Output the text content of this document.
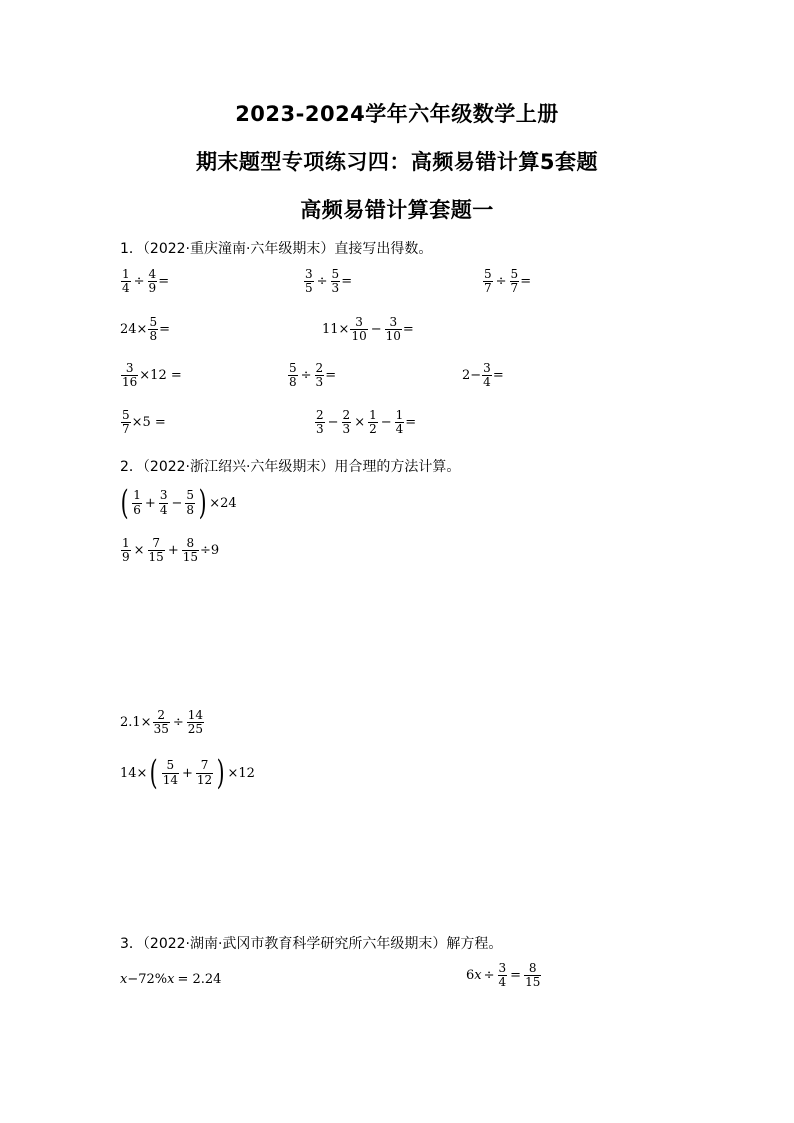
2023-2024学年六年级数学上册
期末题型专项练习四：高频易错计算5套题
高频易错计算套题一
1．（2022·重庆潼南·六年级期末）直接写出得数。
$\frac{1}{4} \div \frac{4}{9}$ =	$\frac{3}{5} \div \frac{5}{3}$ =	$\frac{5}{7} \div \frac{5}{7}$ =
$24\times \frac{5}{8}$ =	$11\times \frac{3}{10} - \frac{3}{10}$ =
$\frac{3}{16} \times 12$ =	$\frac{5}{8} \div \frac{2}{3}$ =	$2- \frac{3}{4}$ =
$\frac{5}{7} \times 5$ =	$\frac{2}{3} - \frac{2}{3} \times \frac{1}{2} - \frac{1}{4}$ =
2．（2022·浙江绍兴·六年级期末）用合理的方法计算。
( $\frac{1}{6} + \frac{3}{4} - \frac{5}{8}$ ) ×24
$\frac{1}{9} \times \frac{7}{15} + \frac{8}{15} \div 9$
$2.1\times \frac{2}{35} \div \frac{14}{25}$
14× ( $\frac{5}{14} + \frac{7}{12}$ ) ×12
3．（2022·湖南·武冈市教育科学研究所六年级期末）解方程。
x −72% x = 2.24	6 $x \div \frac{3}{4} = \frac{8}{15}$
